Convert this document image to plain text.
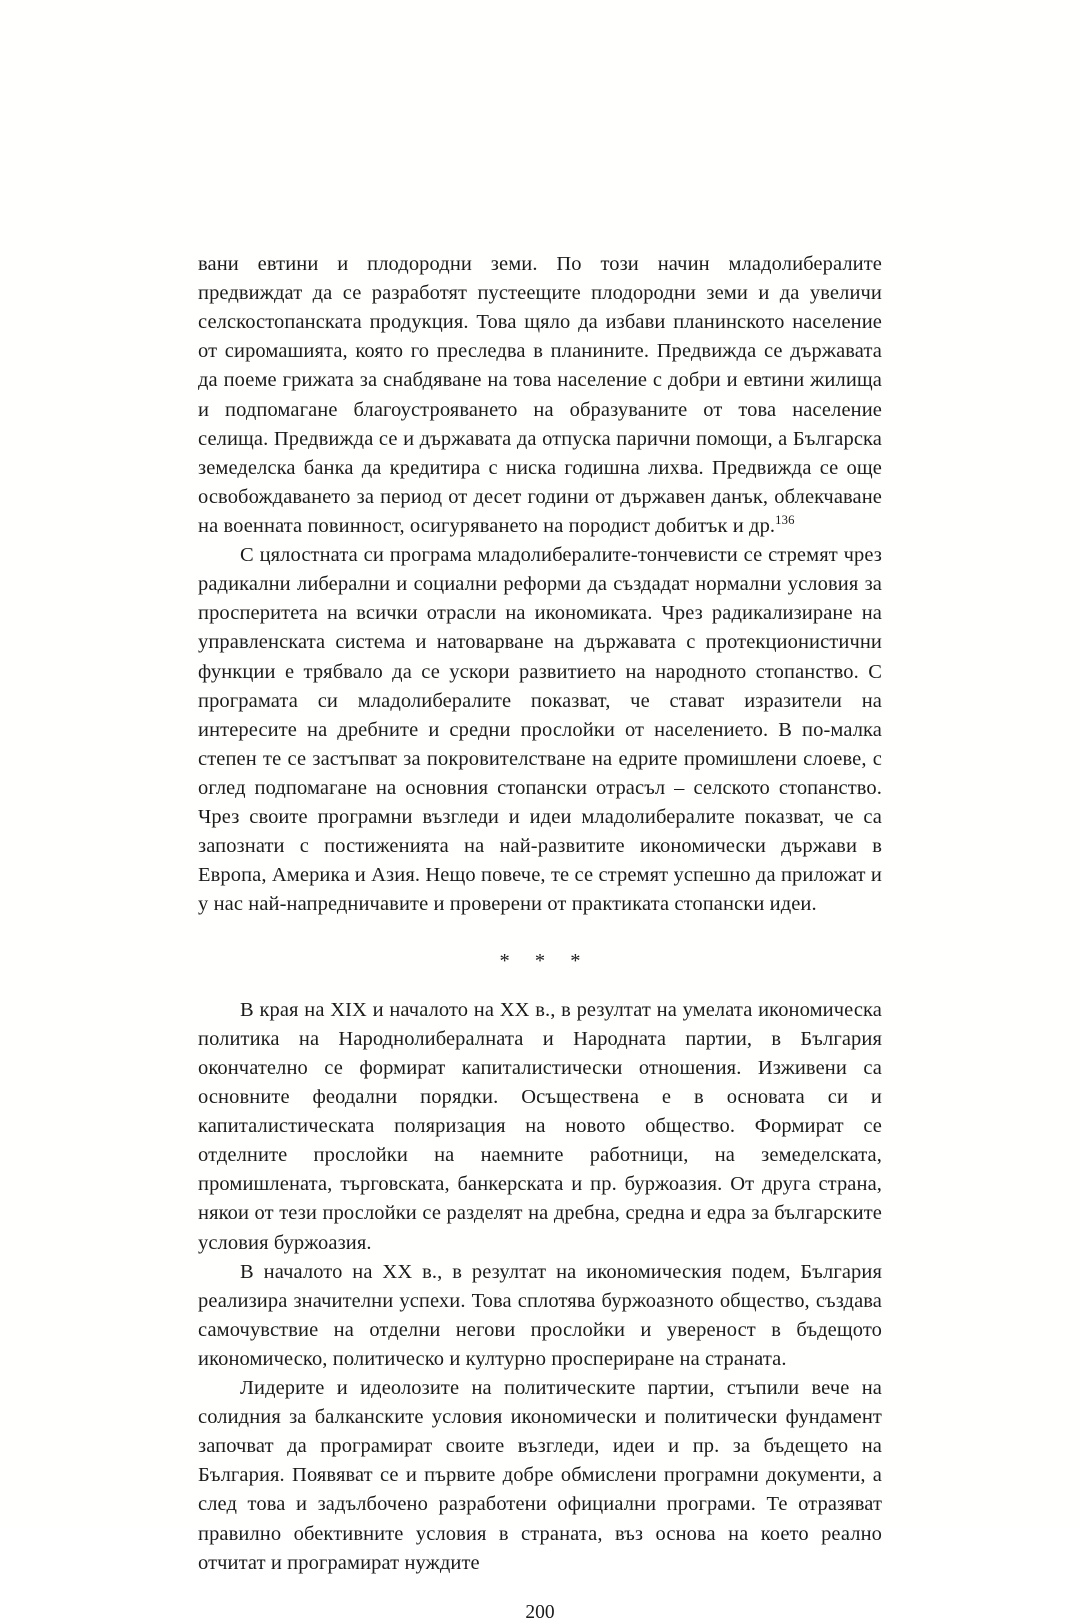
вани евтини и плодородни земи. По този начин младолибералите предвиждат да се разработят пустеещите плодородни земи и да увеличи селскостопанската продукция. Това щяло да избави планинското население от сиромашията, която го преследва в планините. Предвижда се държавата да поеме грижата за снабдяване на това население с добри и евтини жилища и подпомагане благоустрояването на образуваните от това население селища. Предвижда се и държавата да отпуска парични помощи, а Българска земеделска банка да кредитира с ниска годишна лихва. Предвижда се още освобождаването за период от десет години от държавен данък, облекчаване на военната повинност, осигуряването на породист добитък и др.$^{136}$

С цялостната си програма младолибералите-тончевисти се стремят чрез радикални либерални и социални реформи да създадат нормални условия за просперитета на всички отрасли на икономиката. Чрез радикализиране на управленската система и натоварване на държавата с протекционистични функции е трябвало да се ускори развитието на народното стопанство. С програмата си младолибералите показват, че стават изразители на интересите на дребните и средни прослойки от населението. В по-малка степен те се застъпват за покровителстване на едрите промишлени слоеве, с оглед подпомагане на основния стопански отрасъл – селското стопанство. Чрез своите програмни възгледи и идеи младолибералите показват, че са запознати с постиженията на най-развитите икономически държави в Европа, Америка и Азия. Нещо повече, те се стремят успешно да приложат и у нас най-напредничавите и проверени от практиката стопански идеи.

* * *

В края на XIX и началото на XX в., в резултат на умелата икономическа политика на Народнолибералната и Народната партии, в България окончателно се формират капиталистически отношения. Изживени са основните феодални порядки. Осъществена е в основата си и капиталистическата поляризация на новото общество. Формират се отделните прослойки на наемните работници, на земеделската, промишлената, търговската, банкерската и пр. буржоазия. От друга страна, някои от тези прослойки се разделят на дребна, средна и едра за българските условия буржоазия.

В началото на XX в., в резултат на икономическия подем, България реализира значителни успехи. Това сплотява буржоазното общество, създава самочувствие на отделни негови прослойки и увереност в бъдещото икономическо, политическо и културно проспериране на страната.

Лидерите и идеолозите на политическите партии, стъпили вече на солидния за балканските условия икономически и политически фундамент започват да програмират своите възгледи, идеи и пр. за бъдещето на България. Появяват се и първите добре обмислени програмни документи, а след това и задълбочено разработени официални програми. Те отразяват правилно обективните условия в страната, въз основа на което реално отчитат и програмират нуждите

200
